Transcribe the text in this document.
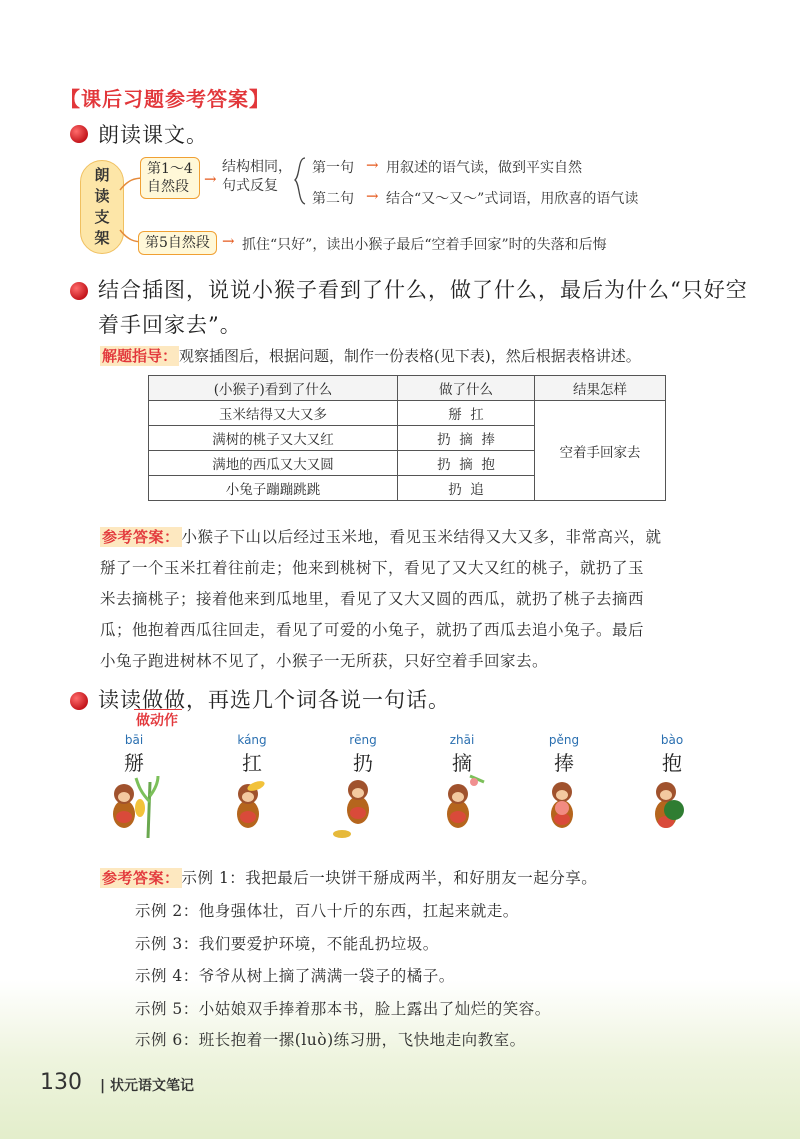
【课后习题参考答案】
朗读课文。
朗
读
支
架
第1～4
自然段 →
结构相同，
句式反复
第一句 → 用叙述的语气读，做到平实自然
第二句 → 结合“又～又～”式词语，用欣喜的语气读
第5自然段 → 抓住“只好”，读出小猴子最后“空着手回家”时的失落和后悔
结合插图，说说小猴子看到了什么，做了什么，最后为什么“只好空
着手回家去”。
解题指导： 观察插图后，根据问题，制作一份表格(见下表)，然后根据表格讲述。
(小猴子)看到了什么	做了什么	结果怎样
玉米结得又大又多	掰  扛	空着手回家去
满树的桃子又大又红	扔  摘  捧	
满地的西瓜又大又圆	扔  摘  抱	
小兔子蹦蹦跳跳	扔  追	
参考答案： 小猴子下山以后经过玉米地，看见玉米结得又大又多，非常高兴，就
掰了一个玉米扛着往前走；他来到桃树下，看见了又大又红的桃子，就扔了玉
米去摘桃子；接着他来到瓜地里，看见了又大又圆的西瓜，就扔了桃子去摘西
瓜；他抱着西瓜往回走，看见了可爱的小兔子，就扔了西瓜去追小兔子。最后
小兔子跑进树林不见了，小猴子一无所获，只好空着手回家去。
读读做做，再选几个词各说一句话。
做动作
bāi
掰
káng
扛
rēng
扔
zhāi
摘
pěng
捧
bào
抱
参考答案： 示例 1：我把最后一块饼干掰成两半，和好朋友一起分享。
示例 2：他身强体壮，百八十斤的东西，扛起来就走。
示例 3：我们要爱护环境，不能乱扔垃圾。
示例 4：爷爷从树上摘了满满一袋子的橘子。
示例 5：小姑娘双手捧着那本书，脸上露出了灿烂的笑容。
示例 6：班长抱着一摞(luò)练习册，飞快地走向教室。
130 | 状元语文笔记
